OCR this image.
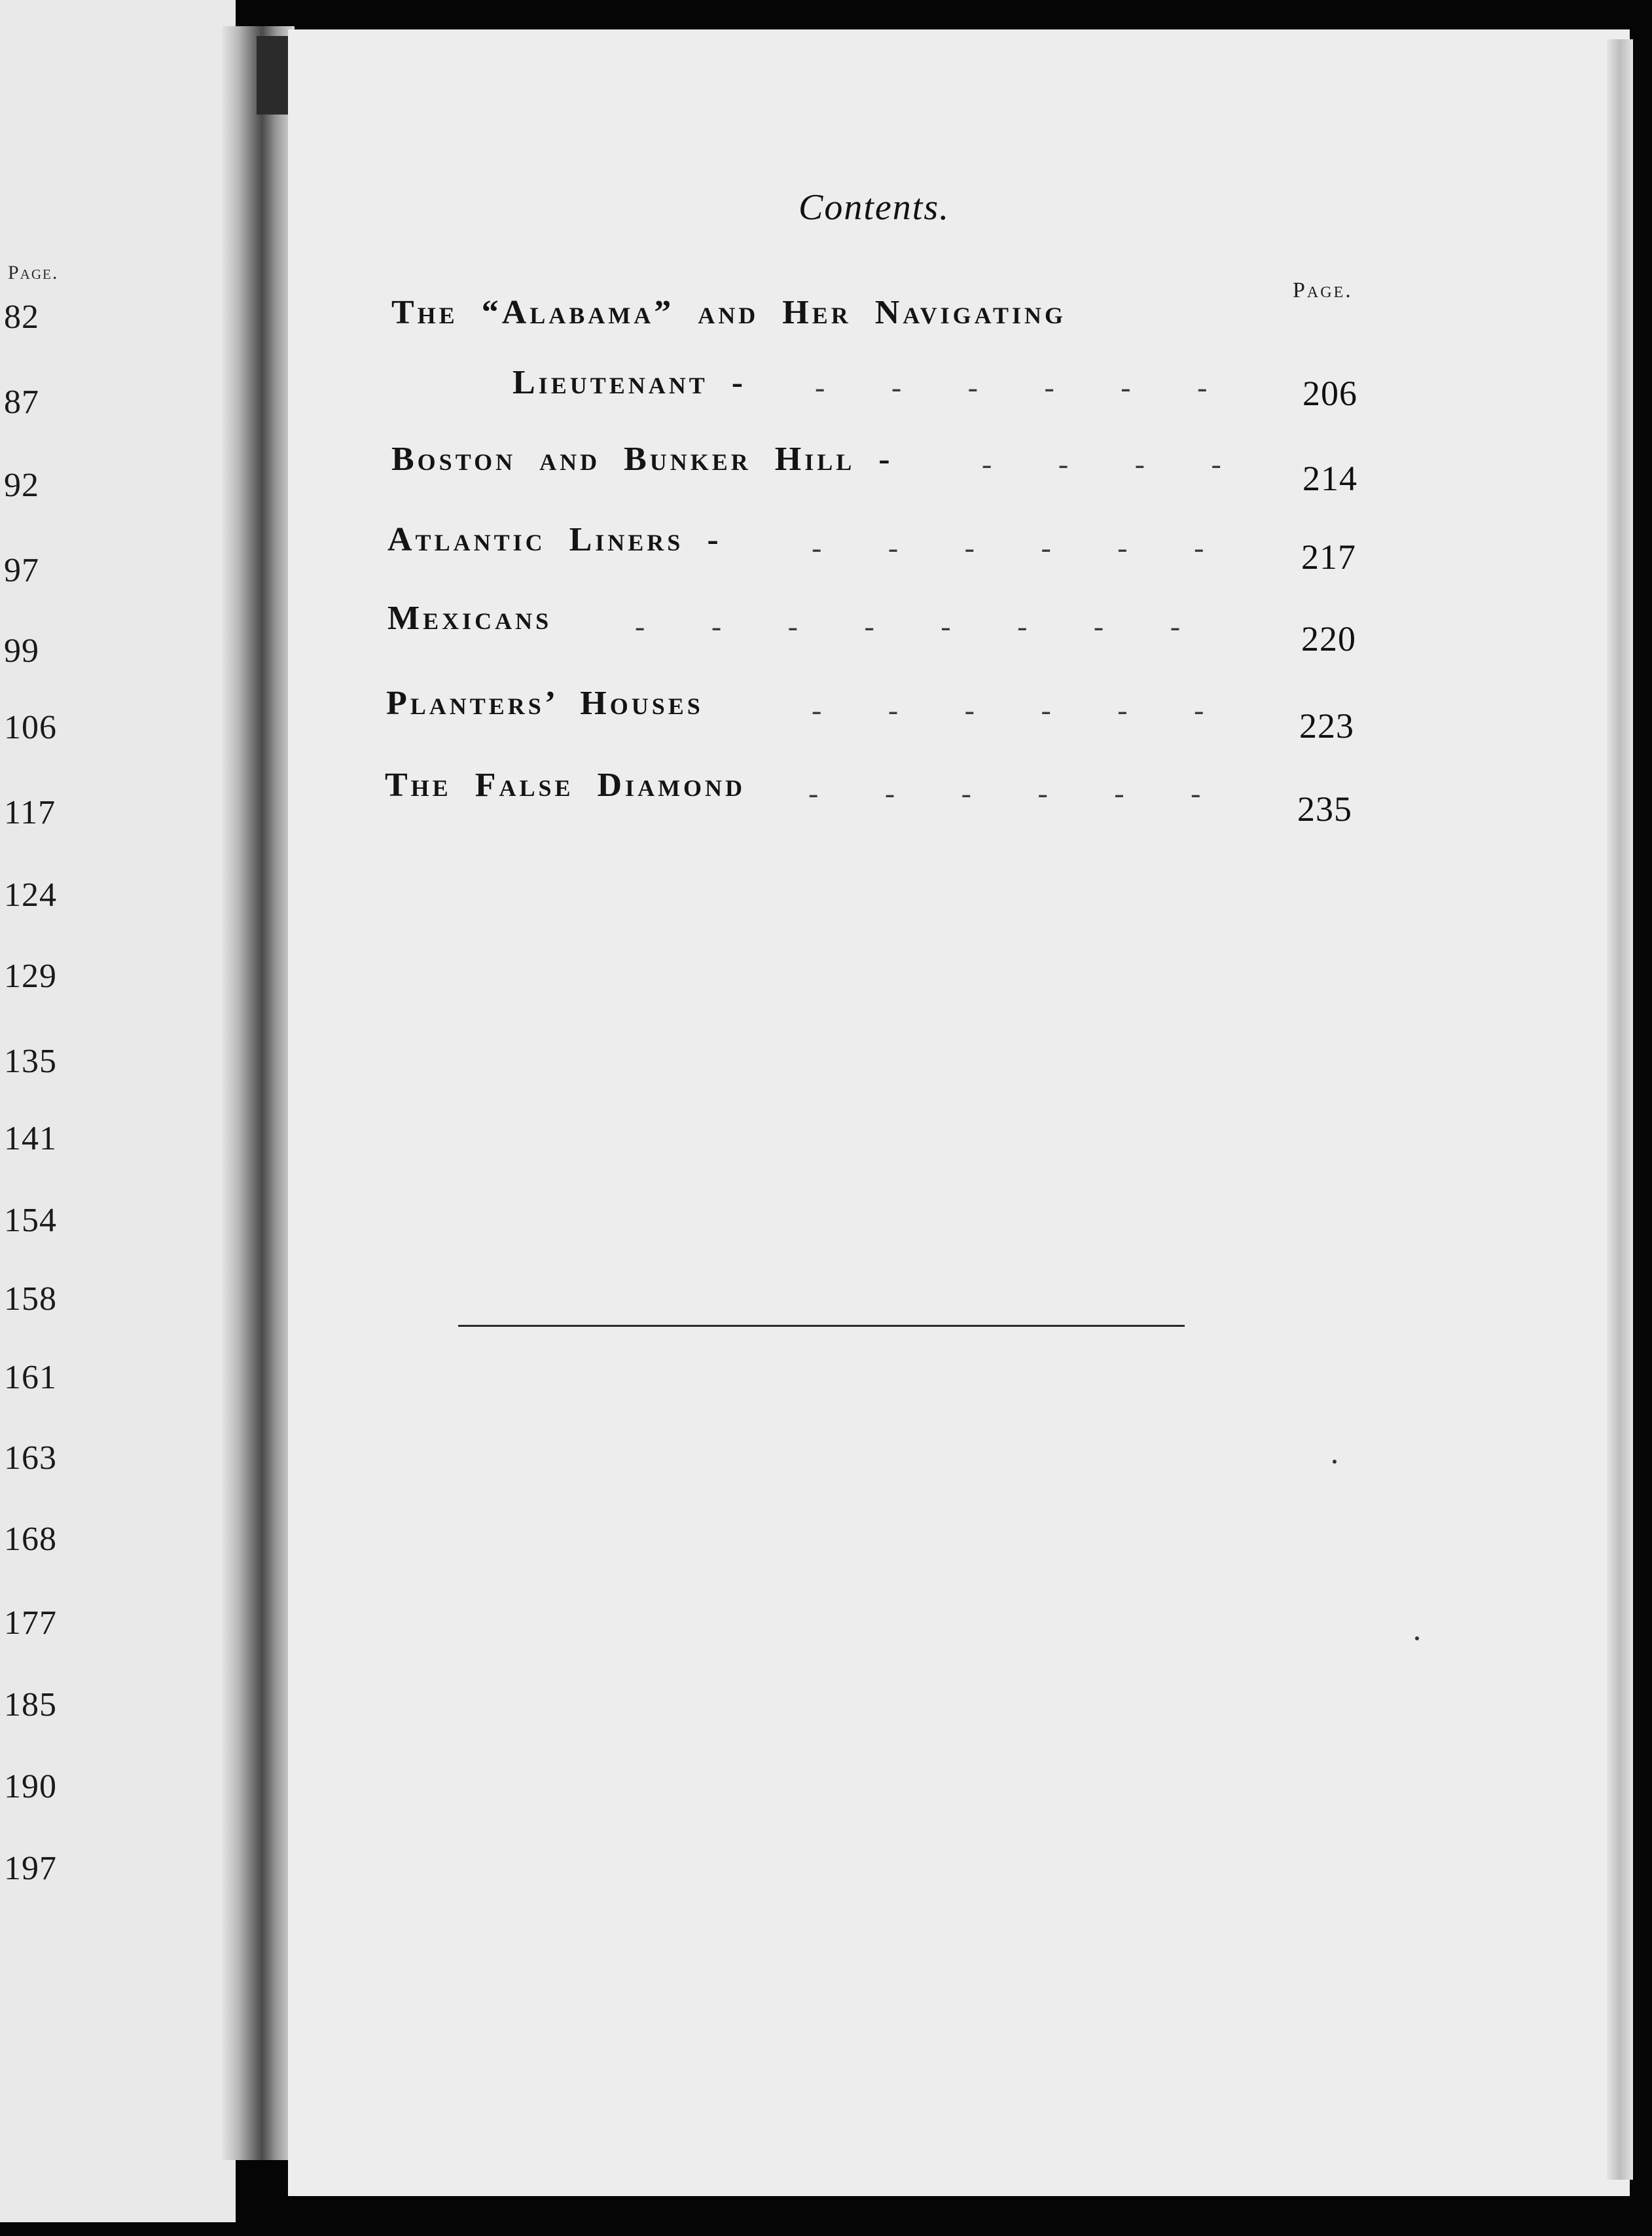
Page.
82
87
92
97
99
106
117
124
129
135
141
154
158
161
163
168
177
185
190
197
Contents.
Page.
The “Alabama” and Her Navigating
Lieutenant - - - - - - -	206
Boston and Bunker Hill -	- - - - 214
Atlantic Liners -	- - - - - -	217
Mexicans	- - - - - - - -	220
Planters’ Houses	- - - - - -	223
The False Diamond - - - - - -	235
